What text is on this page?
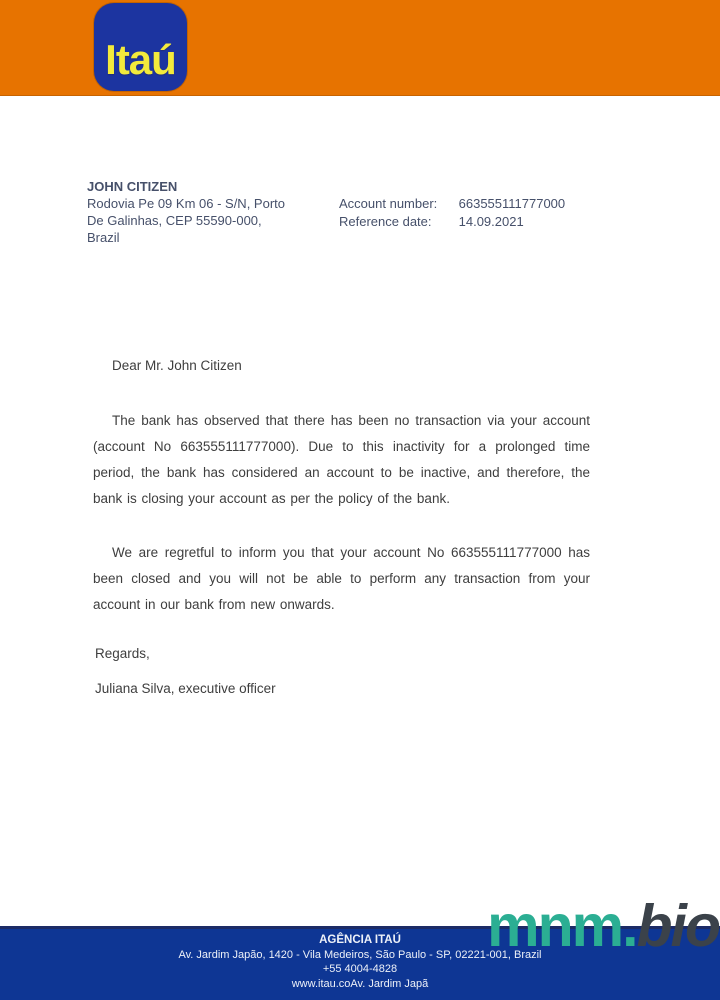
Itaú
JOHN CITIZEN
Rodovia Pe 09 Km 06 - S/N, Porto
De Galinhas, CEP 55590-000,
Brazil
Account number: 663555111777000
Reference date: 14.09.2021

Dear Mr. John Citizen

The bank has observed that there has been no transaction via your account (account No 663555111777000). Due to this inactivity for a prolonged time period, the bank has considered an account to be inactive, and therefore, the bank is closing your account as per the policy of the bank.

We are regretful to inform you that your account No 663555111777000 has been closed and you will not be able to perform any transaction from your account in our bank from new onwards.

Regards,

Juliana Silva, executive officer

mnm.bio
AGÊNCIA ITAÚ
Av. Jardim Japão, 1420 - Vila Medeiros, São Paulo - SP, 02221-001, Brazil
+55 4004-4828
www.itau.coAv. Jardim Japã
